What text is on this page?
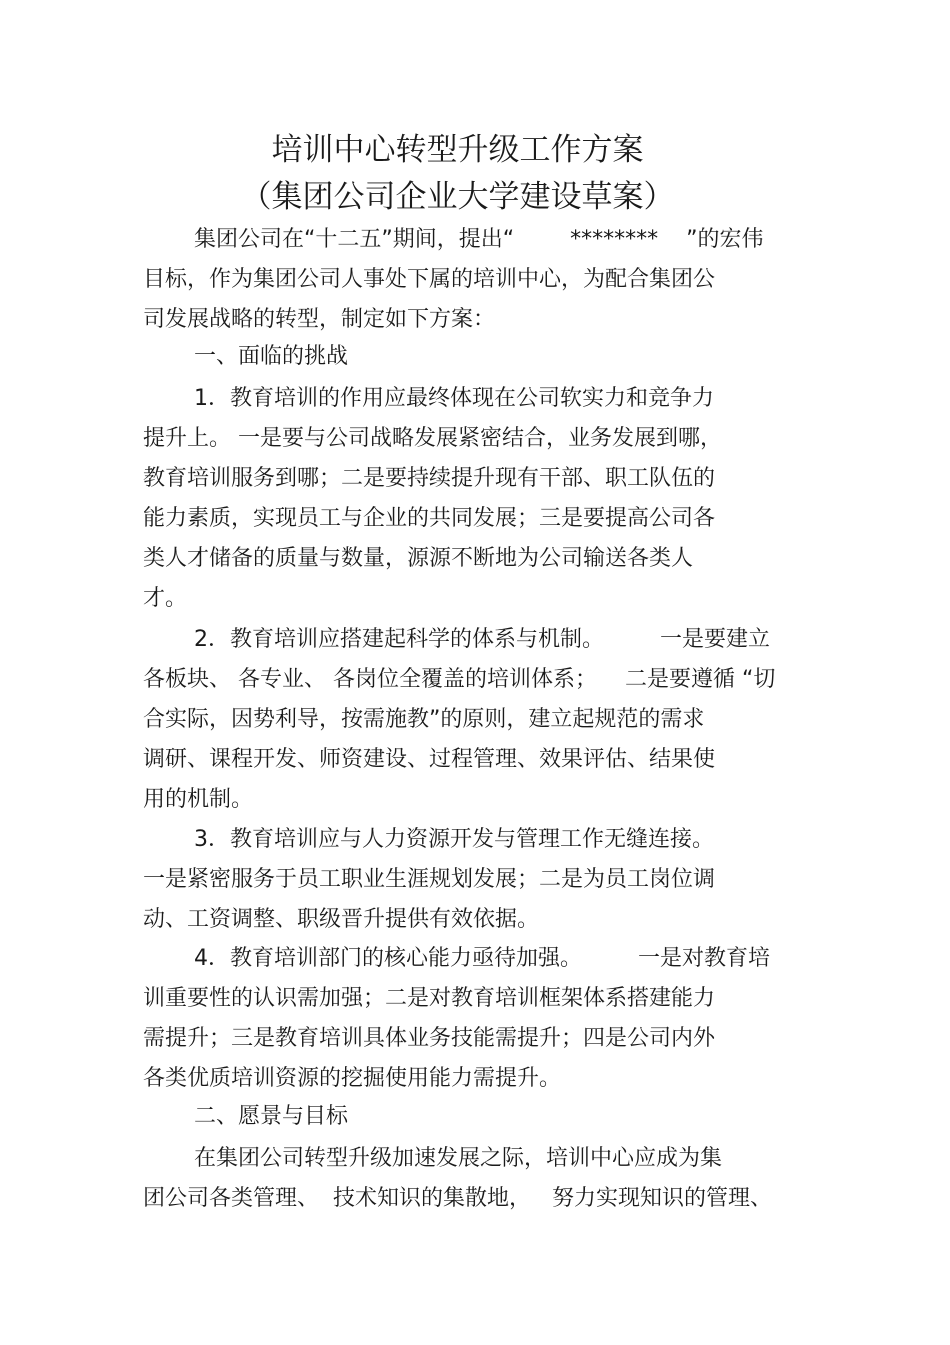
培训中心转型升级工作方案
（集团公司企业大学建设草案）
集团公司在“十二五”期间，提出“        ********    ”的宏伟
目标，作为集团公司人事处下属的培训中心，为配合集团公
司发展战略的转型，制定如下方案：
一、面临的挑战
1．教育培训的作用应最终体现在公司软实力和竞争力
提升上。 一是要与公司战略发展紧密结合，业务发展到哪，
教育培训服务到哪；二是要持续提升现有干部、职工队伍的
能力素质，实现员工与企业的共同发展；三是要提高公司各
类人才储备的质量与数量，源源不断地为公司输送各类人
才。
2．教育培训应搭建起科学的体系与机制。        一是要建立
各板块、 各专业、 各岗位全覆盖的培训体系；    二是要遵循 “切
合实际，因势利导，按需施教”的原则，建立起规范的需求
调研、课程开发、师资建设、过程管理、效果评估、结果使
用的机制。
3．教育培训应与人力资源开发与管理工作无缝连接。
一是紧密服务于员工职业生涯规划发展；二是为员工岗位调
动、工资调整、职级晋升提供有效依据。
4．教育培训部门的核心能力亟待加强。        一是对教育培
训重要性的认识需加强；二是对教育培训框架体系搭建能力
需提升；三是教育培训具体业务技能需提升；四是公司内外
各类优质培训资源的挖掘使用能力需提升。
二、愿景与目标
在集团公司转型升级加速发展之际，培训中心应成为集
团公司各类管理、  技术知识的集散地，   努力实现知识的管理、
